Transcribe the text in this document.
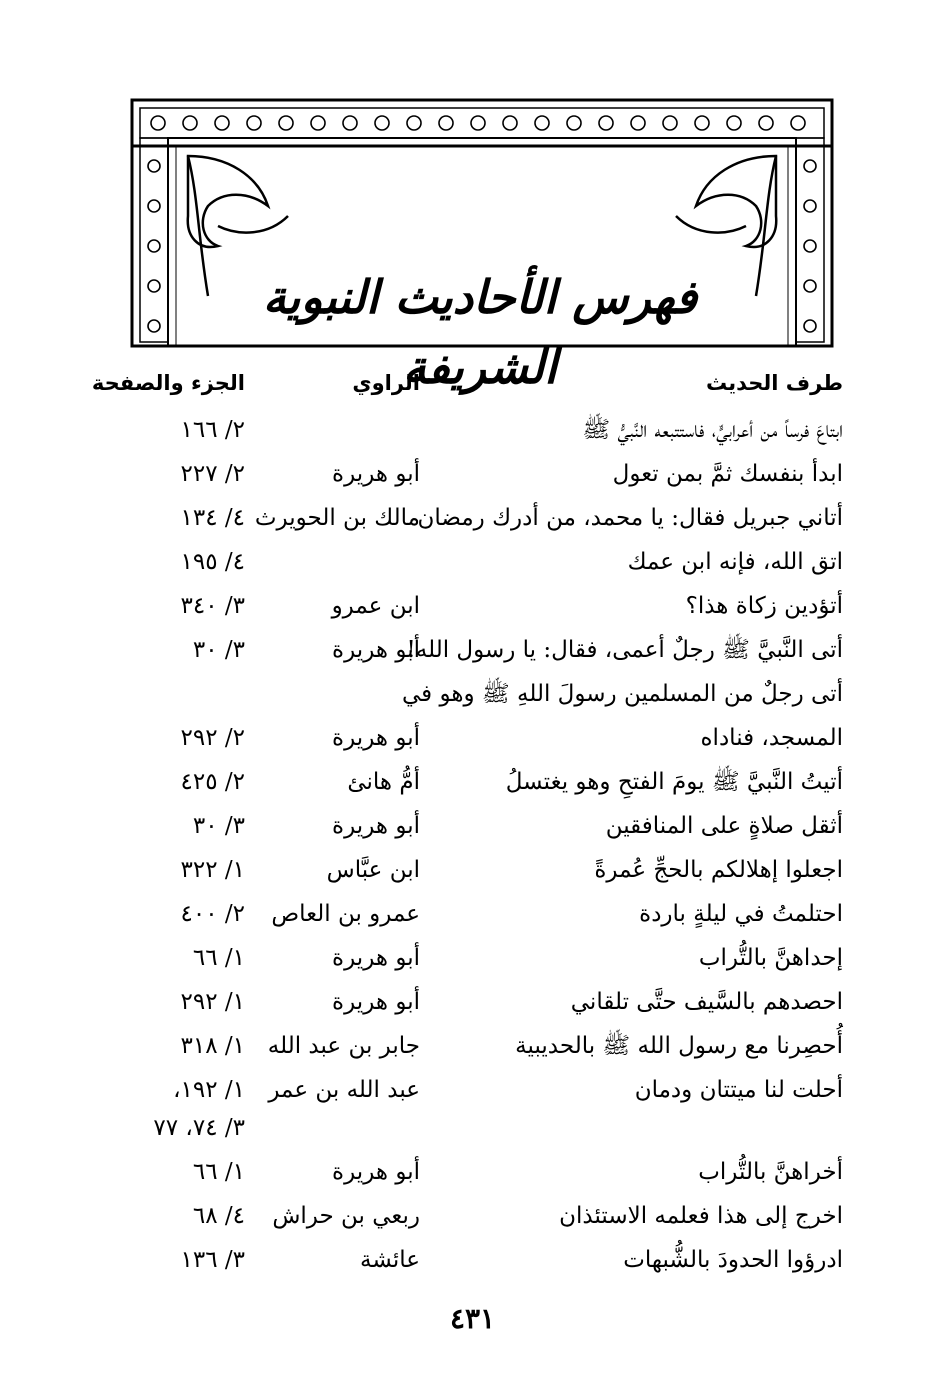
فهرس الأحاديث النبوية الشريفة	طرف الحديث
الراوي
الجزء والصفحة
ابتاعَ فرساً من أعرابيٍّ، فاستتبعه النَّبيُّ ﷺ
٢/ ١٦٦
ابدأ بنفسك ثمَّ بمن تعول
أبو هريرة
٢/ ٢٢٧
أتاني جبريل فقال: يا محمد، من أدرك رمضان
مالك بن الحويرث
٤/ ١٣٤
اتق الله، فإنه ابن عمك
٤/ ١٩٥
أتؤدين زكاة هذا؟
ابن عمرو
٣/ ٣٤٠
أتى النَّبيَّ ﷺ رجلٌ أعمى، فقال: يا رسول الله!
أبو هريرة
٣/ ٣٠
أتى رجلٌ من المسلمين رسولَ اللهِ ﷺ وهو في
المسجد، فناداه
أبو هريرة
٢/ ٢٩٢
أتيتُ النَّبيَّ ﷺ يومَ الفتحِ وهو يغتسلُ
أمُّ هانئ
٢/ ٤٢٥
أثقل صلاةٍ على المنافقين
أبو هريرة
٣/ ٣٠
اجعلوا إهلالكم بالحجِّ عُمرةً
ابن عبَّاس
١/ ٣٢٢
احتلمتُ في ليلةٍ باردة
عمرو بن العاص
٢/ ٤٠٠
إحداهنَّ بالتُّراب
أبو هريرة
١/ ٦٦
احصدهم بالسَّيف حتَّى تلقاني
أبو هريرة
١/ ٢٩٢
أُحصِرنا مع رسول الله ﷺ بالحديبية
جابر بن عبد الله
١/ ٣١٨
أحلت لنا ميتتان ودمان
عبد الله بن عمر
١/ ١٩٢،
٣/ ٧٤، ٧٧
أخراهنَّ بالتُّراب
أبو هريرة
١/ ٦٦
اخرج إلى هذا فعلمه الاستئذان
ربعي بن حراش
٤/ ٦٨
ادرؤوا الحدودَ بالشُّبهات
عائشة
٣/ ١٣٦
٤٣١
